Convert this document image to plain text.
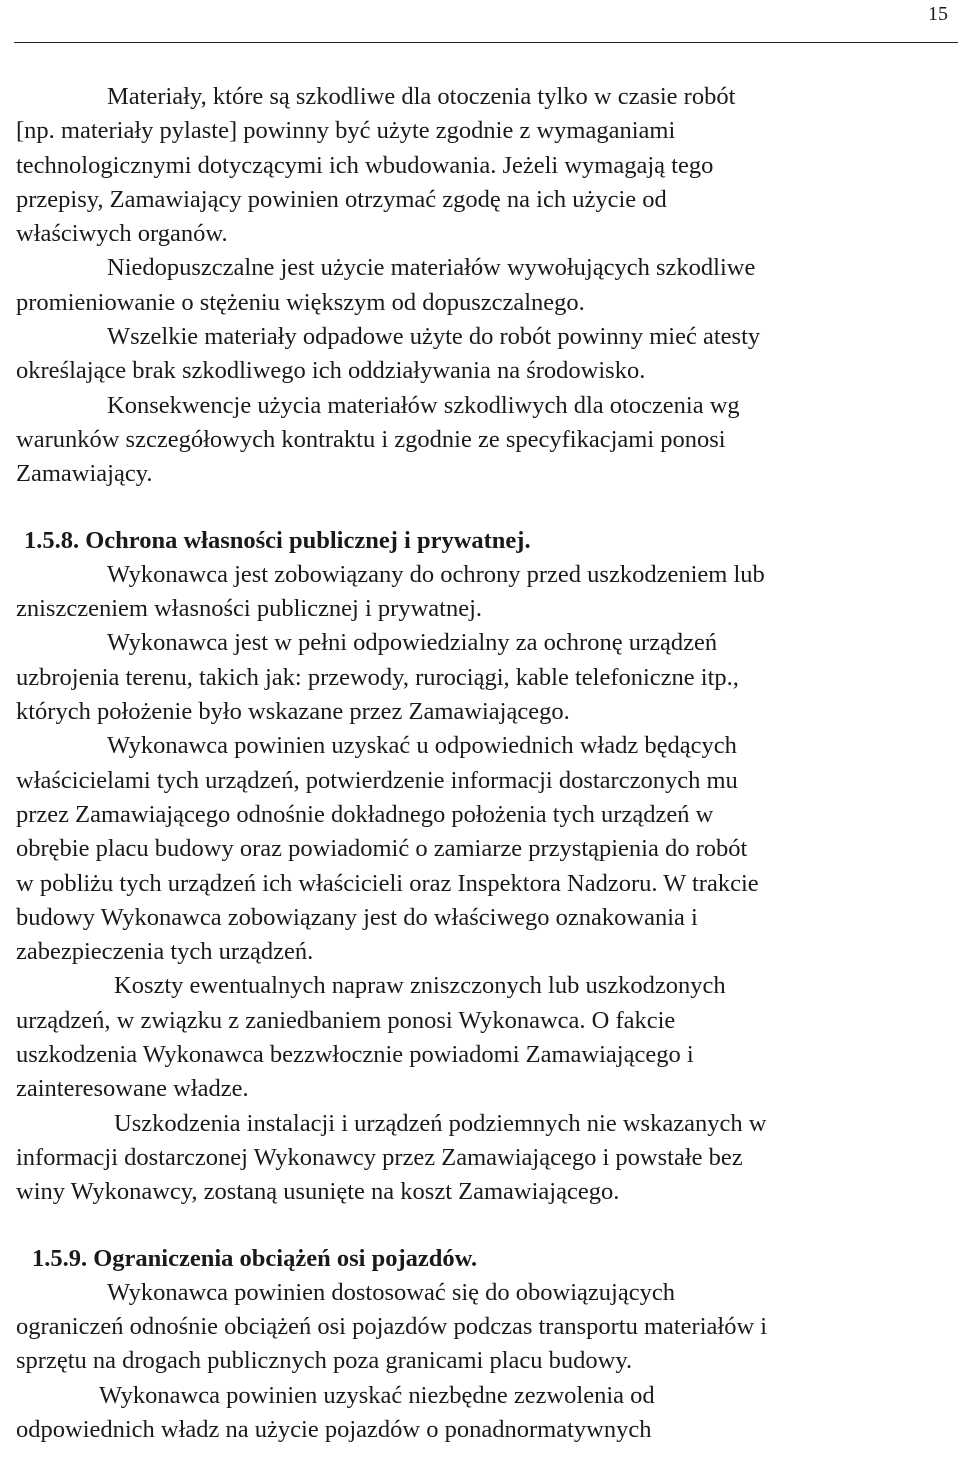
15

Materiały, które są szkodliwe dla otoczenia tylko w czasie robót

[np. materiały pylaste] powinny być użyte zgodnie z wymaganiami

technologicznymi dotyczącymi ich wbudowania. Jeżeli wymagają tego

przepisy, Zamawiający powinien otrzymać zgodę na ich użycie od

właściwych organów.

Niedopuszczalne jest użycie materiałów wywołujących szkodliwe

promieniowanie o stężeniu większym od dopuszczalnego.

Wszelkie materiały odpadowe użyte do robót powinny mieć atesty

określające brak szkodliwego ich oddziaływania na środowisko.

Konsekwencje użycia materiałów szkodliwych dla otoczenia wg

warunków szczegółowych kontraktu i zgodnie ze specyfikacjami ponosi

Zamawiający.

1.5.8. Ochrona własności publicznej i prywatnej.

Wykonawca jest zobowiązany do ochrony przed uszkodzeniem lub

zniszczeniem własności publicznej i prywatnej.

Wykonawca jest w pełni odpowiedzialny za ochronę urządzeń

uzbrojenia terenu, takich jak: przewody, rurociągi, kable telefoniczne itp.,

których położenie było wskazane przez Zamawiającego.

Wykonawca powinien uzyskać u odpowiednich władz będących

właścicielami tych urządzeń, potwierdzenie informacji dostarczonych mu

przez Zamawiającego odnośnie dokładnego położenia tych urządzeń w

obrębie placu budowy oraz powiadomić o zamiarze przystąpienia do robót

w pobliżu tych urządzeń ich właścicieli oraz Inspektora Nadzoru. W trakcie

budowy Wykonawca zobowiązany jest do właściwego oznakowania i

zabezpieczenia tych urządzeń.

Koszty ewentualnych napraw zniszczonych lub uszkodzonych

urządzeń, w związku z zaniedbaniem ponosi Wykonawca. O fakcie

uszkodzenia Wykonawca bezzwłocznie powiadomi Zamawiającego i

zainteresowane władze.

Uszkodzenia instalacji i urządzeń podziemnych nie wskazanych w

informacji dostarczonej Wykonawcy przez Zamawiającego i powstałe bez

winy Wykonawcy, zostaną usunięte na koszt Zamawiającego.

1.5.9. Ograniczenia obciążeń osi pojazdów.

Wykonawca powinien dostosować się do obowiązujących

ograniczeń odnośnie obciążeń osi pojazdów podczas transportu materiałów i

sprzętu na drogach publicznych poza granicami placu budowy.

Wykonawca powinien uzyskać niezbędne zezwolenia od

odpowiednich władz na użycie pojazdów o ponadnormatywnych
